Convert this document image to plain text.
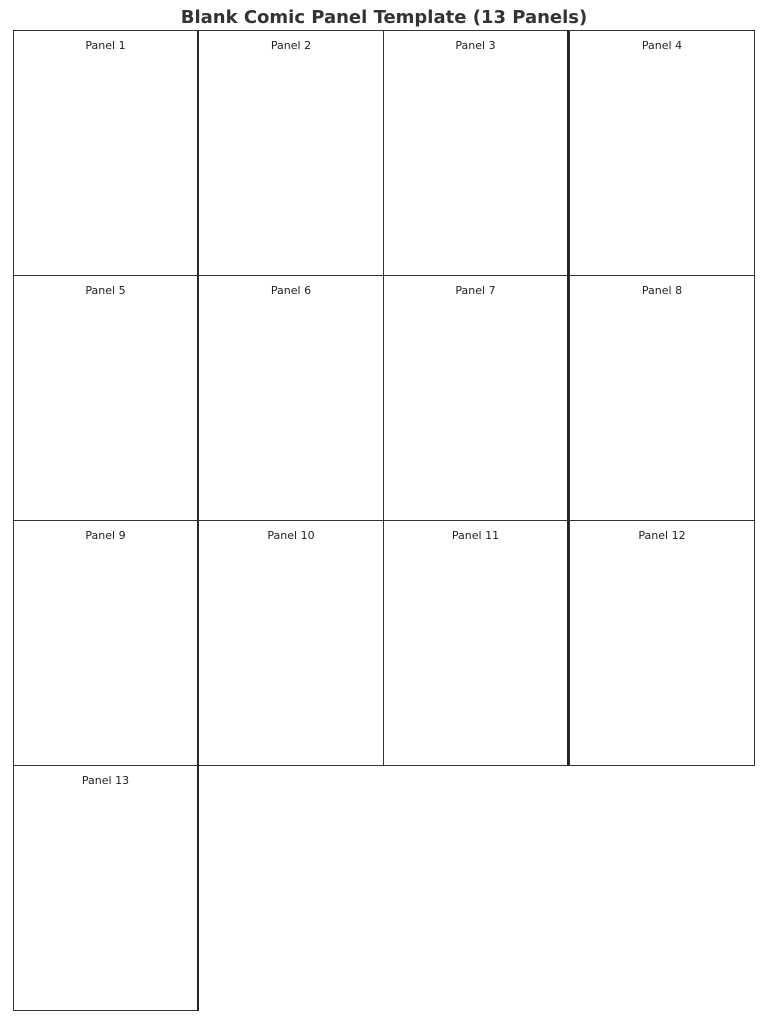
Blank Comic Panel Template (13 Panels)
Panel 1	Panel 2	Panel 3	Panel 4
Panel 5	Panel 6	Panel 7	Panel 8
Panel 9	Panel 10	Panel 11	Panel 12
Panel 13
